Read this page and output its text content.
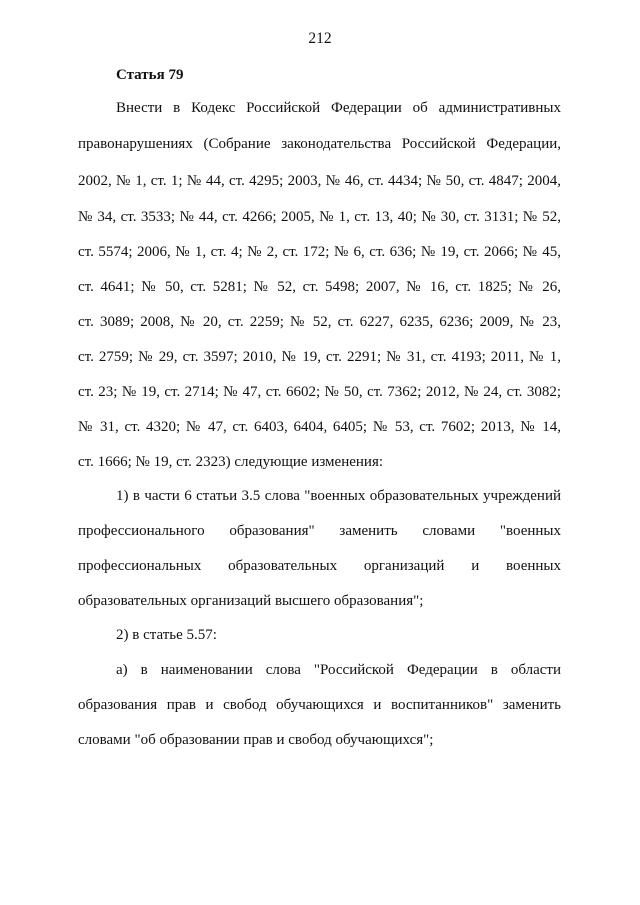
212
Статья 79
Внести в Кодекс Российской Федерации об административных
правонарушениях (Собрание законодательства Российской Федерации,
2002, № 1, ст. 1; № 44, ст. 4295; 2003, № 46, ст. 4434; № 50, ст. 4847; 2004,
№ 34, ст. 3533; № 44, ст. 4266; 2005, № 1, ст. 13, 40; № 30, ст. 3131; № 52,
ст. 5574; 2006, № 1, ст. 4; № 2, ст. 172; № 6, ст. 636; № 19, ст. 2066; № 45,
ст. 4641; № 50, ст. 5281; № 52, ст. 5498; 2007, № 16, ст. 1825; № 26,
ст. 3089; 2008, № 20, ст. 2259; № 52, ст. 6227, 6235, 6236; 2009, № 23,
ст. 2759; № 29, ст. 3597; 2010, № 19, ст. 2291; № 31, ст. 4193; 2011, № 1,
ст. 23; № 19, ст. 2714; № 47, ст. 6602; № 50, ст. 7362; 2012, № 24, ст. 3082;
№ 31, ст. 4320; № 47, ст. 6403, 6404, 6405; № 53, ст. 7602; 2013, № 14,
ст. 1666; № 19, ст. 2323) следующие изменения:
1) в части 6 статьи 3.5 слова "военных образовательных учреждений
профессионального образования" заменить словами "военных
профессиональных образовательных организаций и военных
образовательных организаций высшего образования";
2) в статье 5.57:
а) в наименовании слова "Российской Федерации в области
образования прав и свобод обучающихся и воспитанников" заменить
словами "об образовании прав и свобод обучающихся";
